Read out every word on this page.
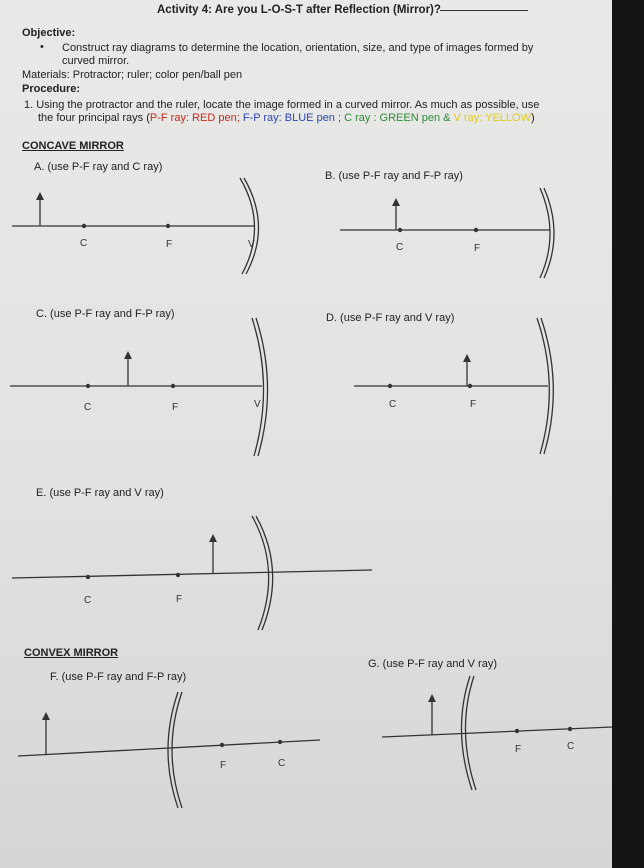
Activity 4: Are you L-O-S-T after Reflection (Mirror)?
Objective:
• Construct ray diagrams to determine the location, orientation, size, and type of images formed by curved mirror.
Materials: Protractor; ruler; color pen/ball pen
Procedure:
1. Using the protractor and the ruler, locate the image formed in a curved mirror. As much as possible, use
the four principal rays (P-F ray: RED pen; F-P ray: BLUE pen ; C ray : GREEN pen & V ray: YELLOW)
CONCAVE MIRROR
A. (use P-F ray and C ray)
B. (use P-F ray and F-P ray)
C. (use P-F ray and F-P ray)	D. (use P-F ray and V ray)
E. (use P-F ray and V ray)
CONVEX MIRROR
F. (use P-F ray and F-P ray)
G. (use P-F ray and V ray)
C	F	V	C	F
C	F	V	C	F
C	F
F	C
F	C
